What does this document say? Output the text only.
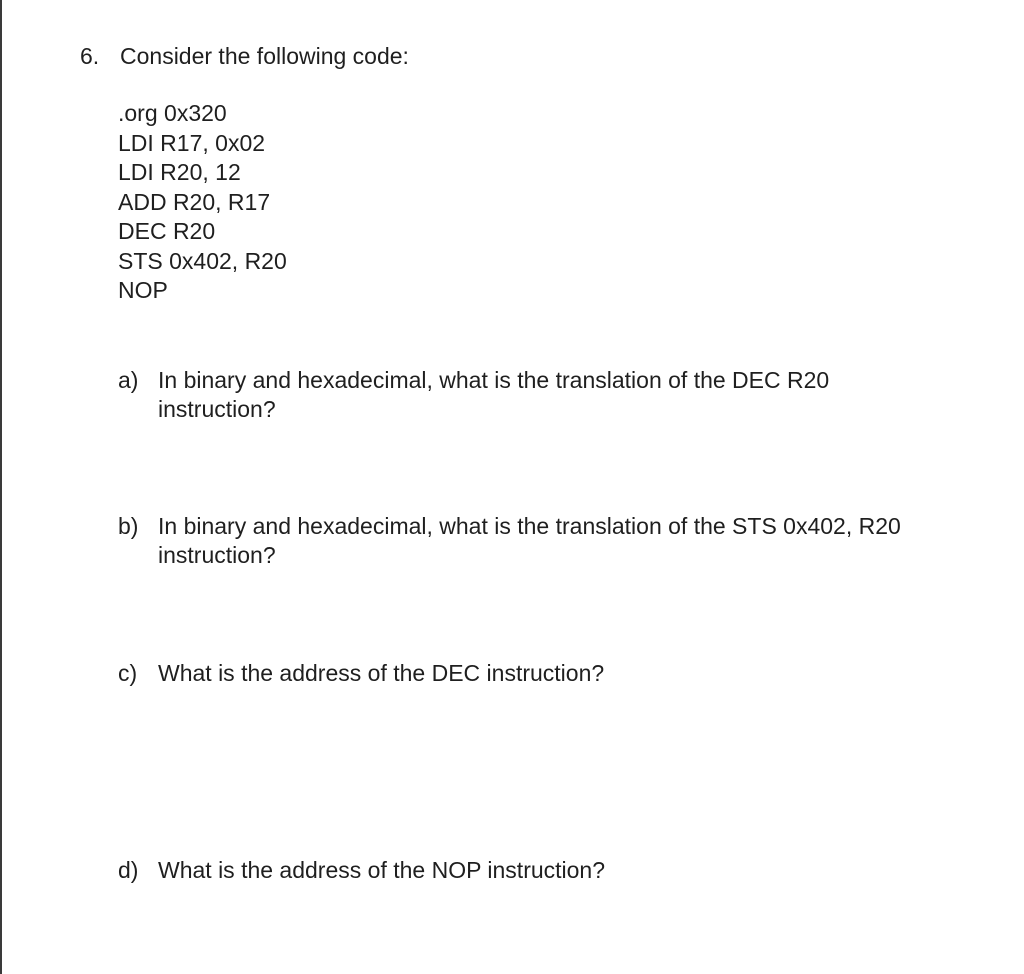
6. Consider the following code:
.org 0x320
LDI R17, 0x02
LDI R20, 12
ADD R20, R17
DEC R20
STS 0x402, R20
NOP
a) In binary and hexadecimal, what is the translation of the DEC R20
instruction?
b) In binary and hexadecimal, what is the translation of the STS 0x402, R20
instruction?
c) What is the address of the DEC instruction?
d) What is the address of the NOP instruction?
